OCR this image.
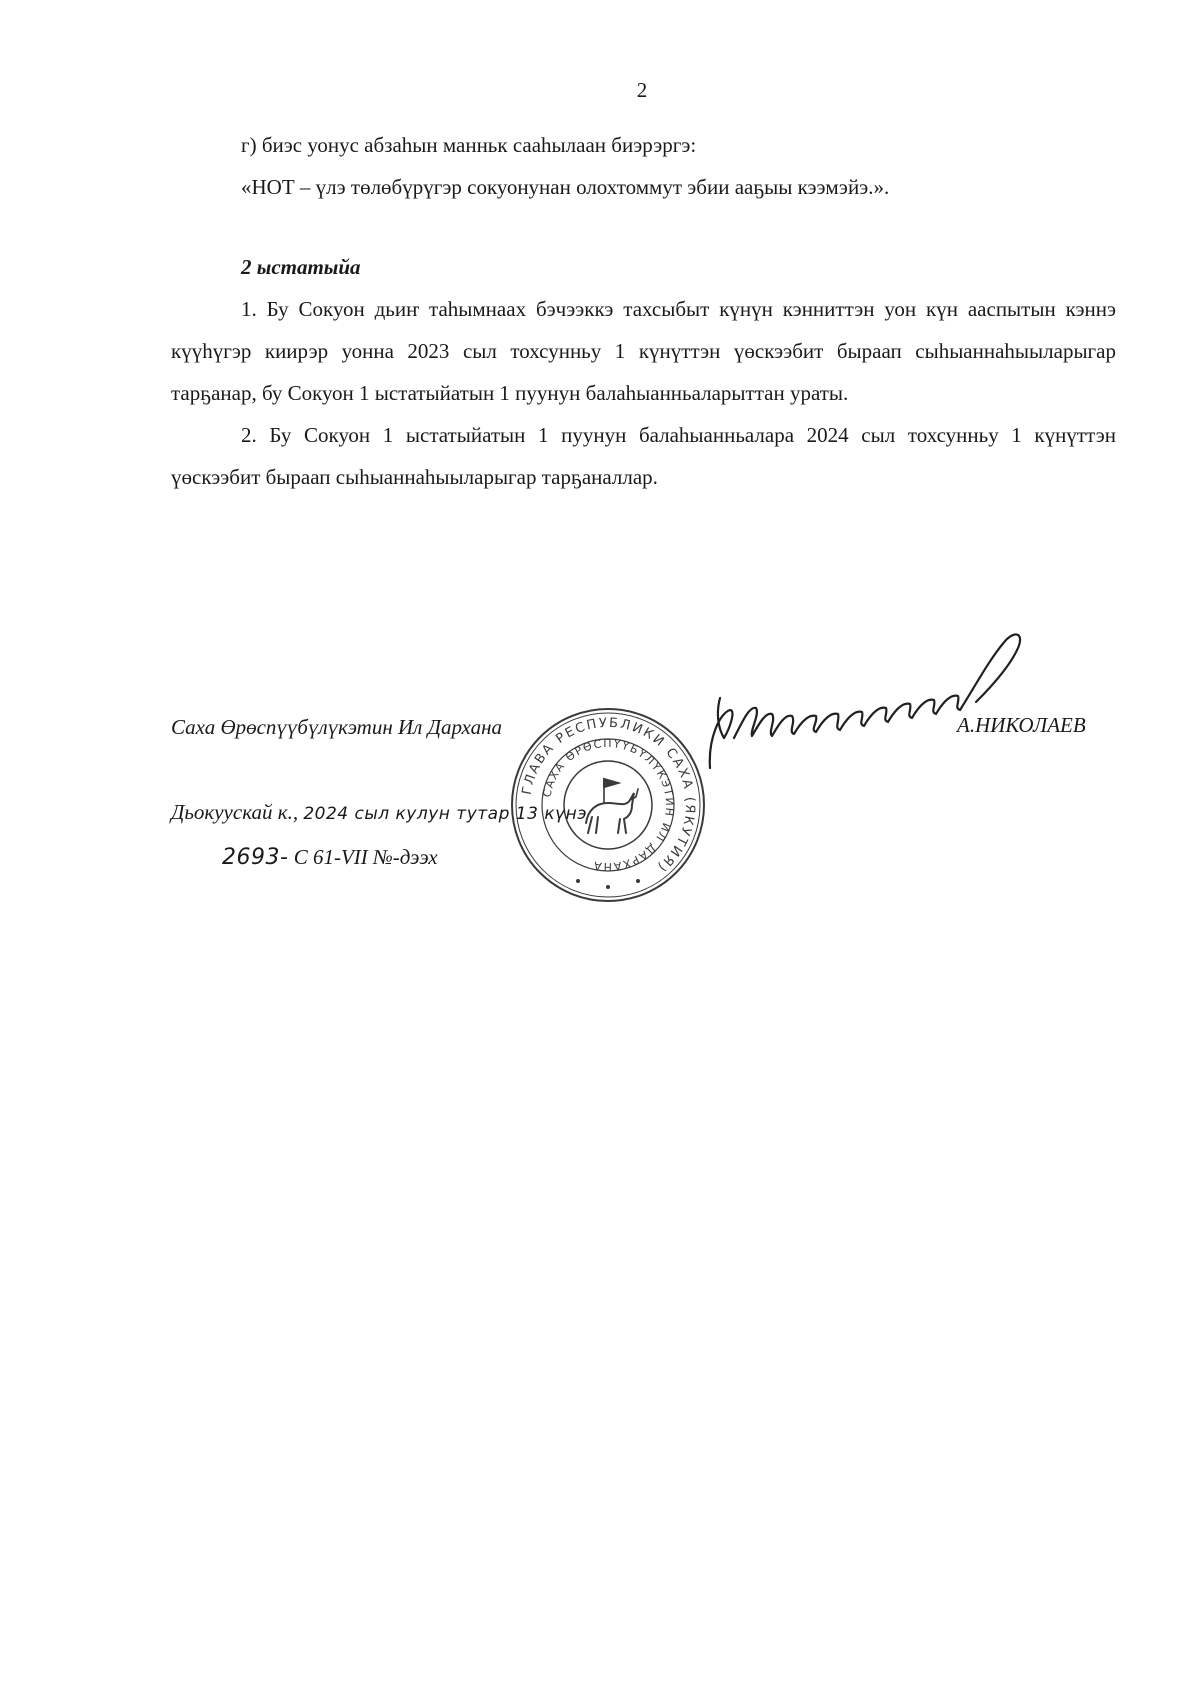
2

г) биэс уонус абзаһын манньк сааһылаан биэрэргэ:

«НОТ – үлэ төлөбүрүгэр сокуонунан олохтоммут эбии ааҕыы кээмэйэ.».

2 ыстатыйа

1. Бу Сокуон дьиҥ таһымнаах бэчээккэ тахсыбыт күнүн кэнниттэн уон күн ааспытын кэннэ күүһүгэр киирэр уонна 2023 сыл тохсунньу 1 күнүттэн үөскээбит быраап сыһыаннаһыыларыгар тарҕанар, бу Сокуон 1 ыстатыйатын 1 пуунун балаһыанньаларыттан ураты.

2. Бу Сокуон 1 ыстатыйатын 1 пуунун балаһыанньалара 2024 сыл тохсунньу 1 күнүттэн үөскээбит быраап сыһыаннаһыыларыгар тарҕаналлар.

ГЛАВА РЕСПУБЛИКИ САХА (ЯКУТИЯ)
САХА ӨРӨСПҮҮБҮЛҮКЭТИН ИЛ ДАРХАНА
Саха Өрөспүүбүлүкэтин Ил Дархана	А.НИКОЛАЕВ
Дьокуускай к., 2024 сыл кулун тутар 13 күнэ
2693- С 61-VII №-дээх
